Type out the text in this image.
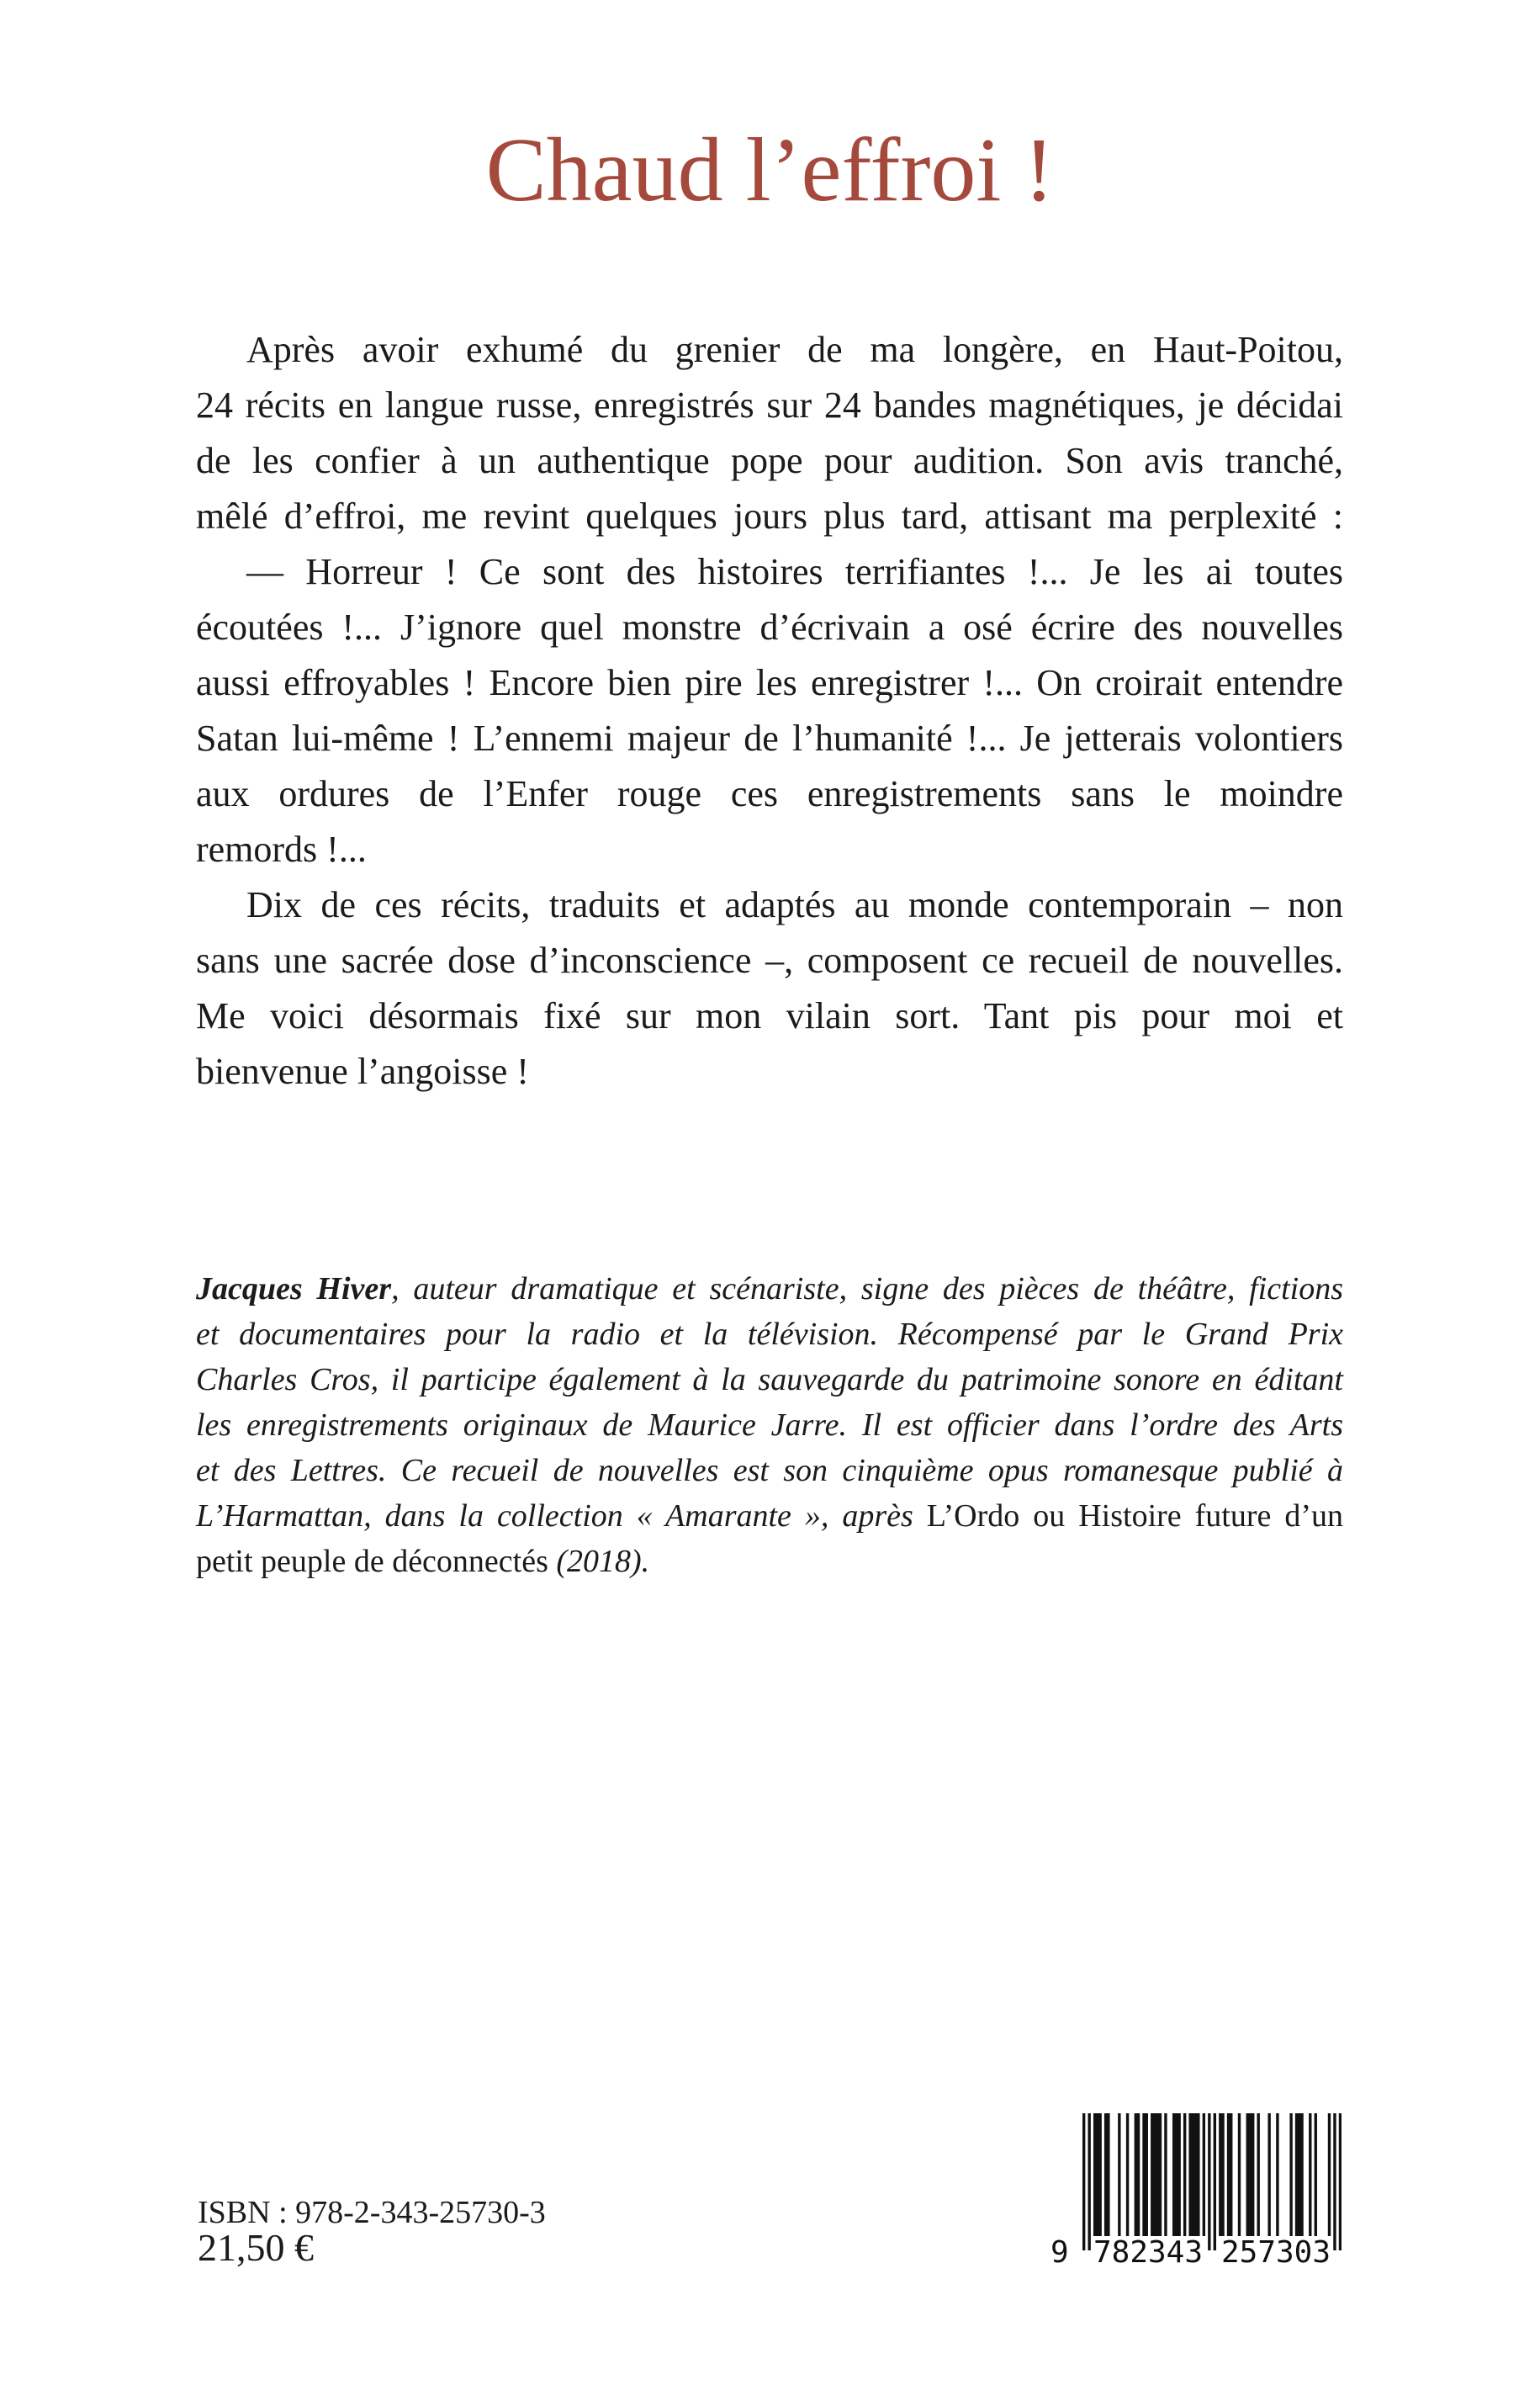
Chaud l’effroi !
Après avoir exhumé du grenier de ma longère, en Haut-Poitou,
24 récits en langue russe, enregistrés sur 24 bandes magnétiques, je décidai
de les confier à un authentique pope pour audition. Son avis tranché,
mêlé d’effroi, me revint quelques jours plus tard, attisant ma perplexité :
— Horreur ! Ce sont des histoires terrifiantes !... Je les ai toutes
écoutées !... J’ignore quel monstre d’écrivain a osé écrire des nouvelles
aussi effroyables ! Encore bien pire les enregistrer !... On croirait entendre
Satan lui-même ! L’ennemi majeur de l’humanité !... Je jetterais volontiers
aux ordures de l’Enfer rouge ces enregistrements sans le moindre
remords !...
Dix de ces récits, traduits et adaptés au monde contemporain – non
sans une sacrée dose d’inconscience –, composent ce recueil de nouvelles.
Me voici désormais fixé sur mon vilain sort. Tant pis pour moi et
bienvenue l’angoisse !
Jacques Hiver, auteur dramatique et scénariste, signe des pièces de théâtre, fictions
et documentaires pour la radio et la télévision. Récompensé par le Grand Prix
Charles Cros, il participe également à la sauvegarde du patrimoine sonore en éditant
les enregistrements originaux de Maurice Jarre. Il est officier dans l’ordre des Arts
et des Lettres. Ce recueil de nouvelles est son cinquième opus romanesque publié à
L’Harmattan, dans la collection « Amarante », après L’Ordo ou Histoire future d’un
petit peuple de déconnectés (2018).
ISBN : 978-2-343-25730-3
21,50 €	9 782343 257303
